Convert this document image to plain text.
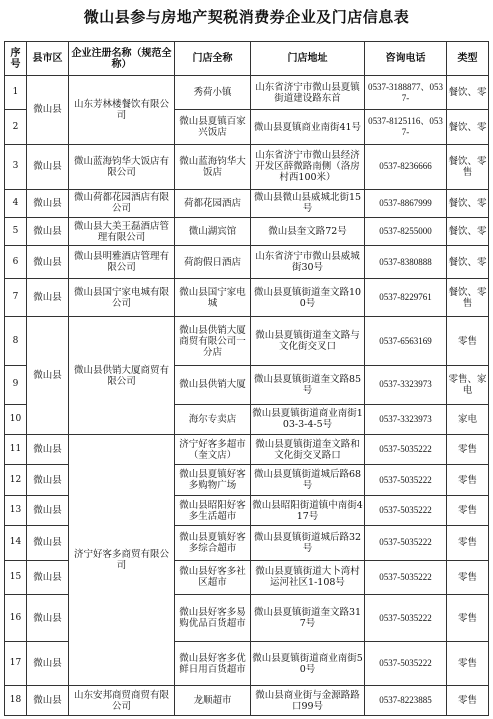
微山县参与房地产契税消费券企业及门店信息表
序号	县市区	企业注册名称（规范全称）	门店全称	门店地址	咨询电话	类型
1	微山县	山东芳林楼餐饮有限公司	秀荷小镇	山东省济宁市微山县夏镇街道建设路东首	0537-3188877、0537-	餐饮、零
2			微山县夏镇百家兴饭店	微山县夏镇商业南街41号	0537-8125116、0537-	餐饮、零
3	微山县	微山蓝海钧华大饭店有限公司	微山蓝海钧华大饭店	山东省济宁市微山县经济开发区薛微路南侧（洛房村西100米）	0537-8236666	餐饮、零售
4	微山县	微山荷都花园酒店有限公司	荷都花园酒店	微山县微山县威城北街15号	0537-8867999	餐饮、零
5	微山县	微山县大美王磊酒店管理有限公司	微山湖宾馆	微山县奎文路72号	0537-8255000	餐饮、零
6	微山县	微山县明雅酒店管理有限公司	荷韵假日酒店	山东省济宁市微山县威城街30号	0537-8380888	餐饮、零
7	微山县	微山县国宁家电城有限公司	微山县国宁家电城	微山县夏镇街道奎文路100号	0537-8229761	餐饮、零售
8	微山县	微山县供销大厦商贸有限公司	微山县供销大厦商贸有限公司一分店	微山县夏镇街道奎文路与文化街交叉口	0537-6563169	零售
9			微山县供销大厦	微山县夏镇街道奎文路85号	0537-3323973	零售、家电
10			海尔专卖店	微山县夏镇街道商业南街103-3-4-5号	0537-3323973	家电
11	微山县	济宁好客多商贸有限公司	济宁好客多超市（奎文店）	微山县夏镇街道奎文路和文化街交叉路口	0537-5035222	零售
12	微山县		微山县夏镇好客多购物广场	微山县夏镇街道城后路68号	0537-5035222	零售
13	微山县		微山县昭阳好客多生活超市	微山县昭阳街道镇中南街417号	0537-5035222	零售
14	微山县		微山县夏镇好客多综合超市	微山县夏镇街道城后路32号	0537-5035222	零售
15	微山县		微山县好客多社区超市	微山县夏镇街道大卜湾村运河社区1-108号	0537-5035222	零售
16	微山县		微山县好客多易购优品百货超市	微山县夏镇街道奎文路317号	0537-5035222	零售
17	微山县		微山县好客多优鲜日用百货超市	微山县夏镇街道商业南街50号	0537-5035222	零售
18	微山县	山东安邦商贸商贸有限公司	龙顺超市	微山县商业街与金源路路口99号	0537-8223885	零售
